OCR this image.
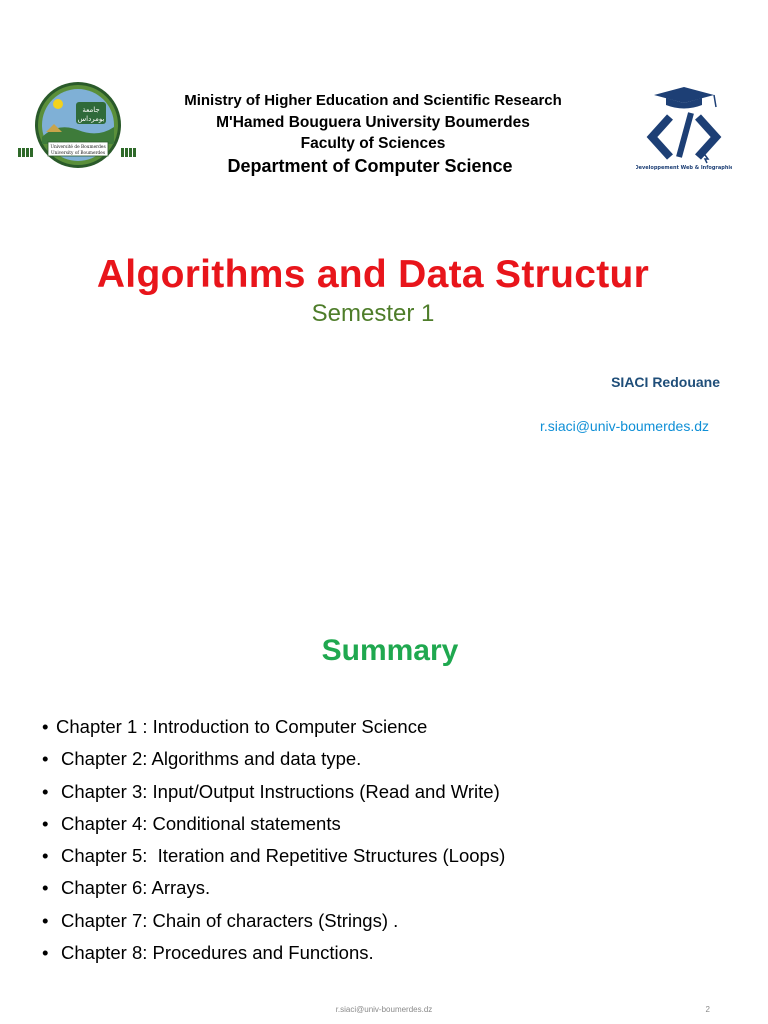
جامعة
بومرداس
Université de Boumerdes
University of Boumerdes
Ministry of Higher Education and Scientific Research
M'Hamed Bouguera University Boumerdes
Faculty of Sciences
Department of Computer Science	Developpement Web & Infographie
Algorithms and Data Structur
Semester 1
SIACI Redouane
r.siaci@univ-boumerdes.dz
Summary
• Chapter 1 : Introduction to Computer Science
• Chapter 2: Algorithms and data type.
• Chapter 3: Input/Output Instructions (Read and Write)
• Chapter 4: Conditional statements
• Chapter 5:  Iteration and Repetitive Structures (Loops)
• Chapter 6: Arrays.
• Chapter 7: Chain of characters (Strings) .
• Chapter 8: Procedures and Functions.
r.siaci@univ-boumerdes.dz	2
